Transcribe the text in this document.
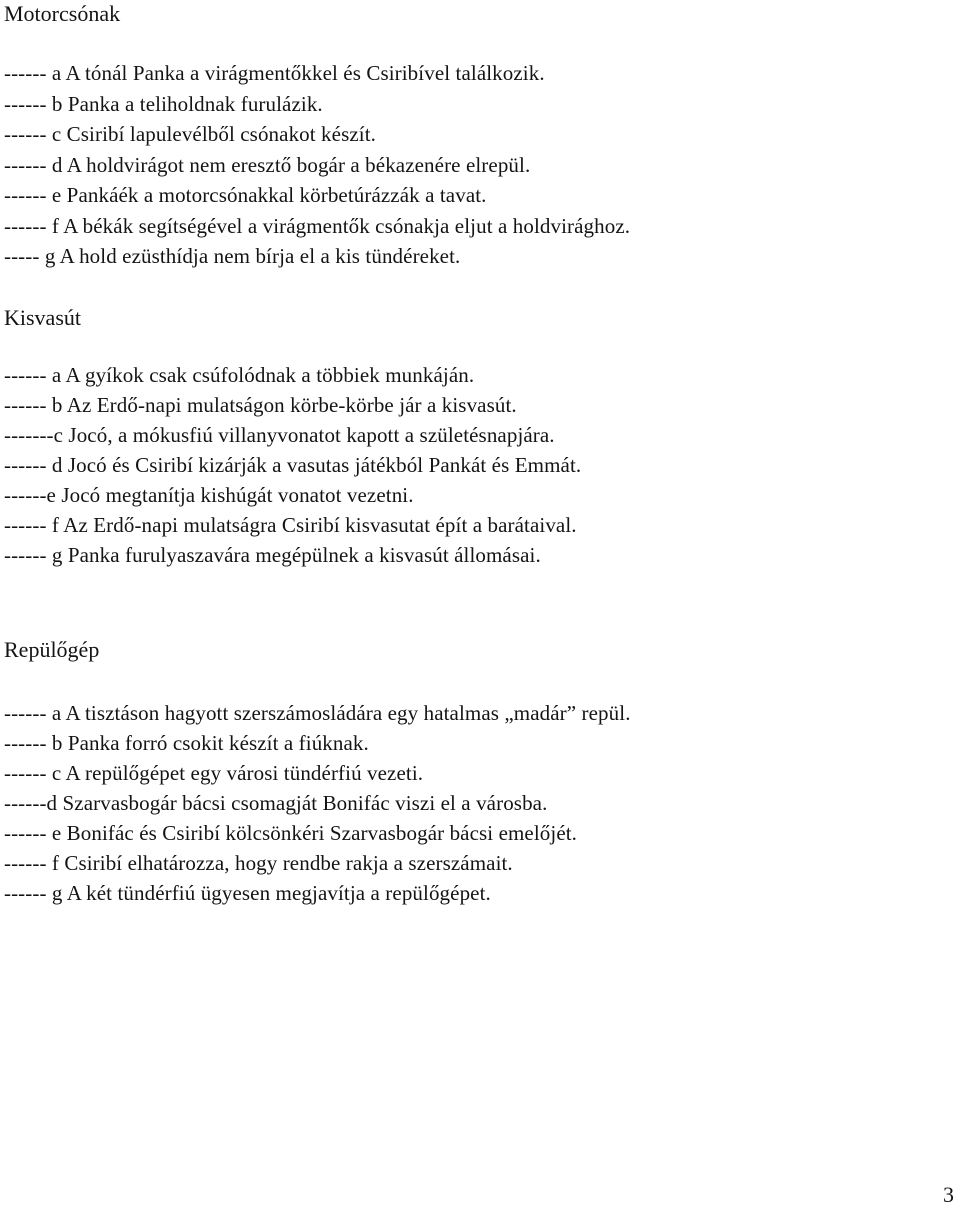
Motorcsónak
------ a A tónál Panka a virágmentőkkel és Csiribível találkozik.
------ b Panka a teliholdnak furulázik.
------ c Csiribí lapulevélből csónakot készít.
------ d A holdvirágot nem eresztő bogár a békazenére elrepül.
------ e Pankáék a motorcsónakkal körbetúrázzák a tavat.
------ f A békák segítségével a virágmentők csónakja eljut a holdvirághoz.
----- g A hold ezüsthídja nem bírja el a kis tündéreket.
Kisvasút
------ a A gyíkok csak csúfolódnak a többiek munkáján.
------ b Az Erdő-napi mulatságon körbe-körbe jár a kisvasút.
-------c Jocó, a mókusfiú villanyvonatot kapott a születésnapjára.
------ d Jocó és Csiribí kizárják a vasutas játékból Pankát és Emmát.
------e Jocó megtanítja kishúgát vonatot vezetni.
------ f Az Erdő-napi mulatságra Csiribí kisvasutat épít a barátaival.
------ g Panka furulyaszavára megépülnek a kisvasút állomásai.
Repülőgép
------ a A tisztáson hagyott szerszámosládára egy hatalmas „madár” repül.
------ b Panka forró csokit készít a fiúknak.
------ c A repülőgépet egy városi tündérfiú vezeti.
------d Szarvasbogár bácsi csomagját Bonifác viszi el a városba.
------ e Bonifác és Csiribí kölcsönkéri Szarvasbogár bácsi emelőjét.
------ f Csiribí elhatározza, hogy rendbe rakja a szerszámait.
------ g A két tündérfiú ügyesen megjavítja a repülőgépet.
3
